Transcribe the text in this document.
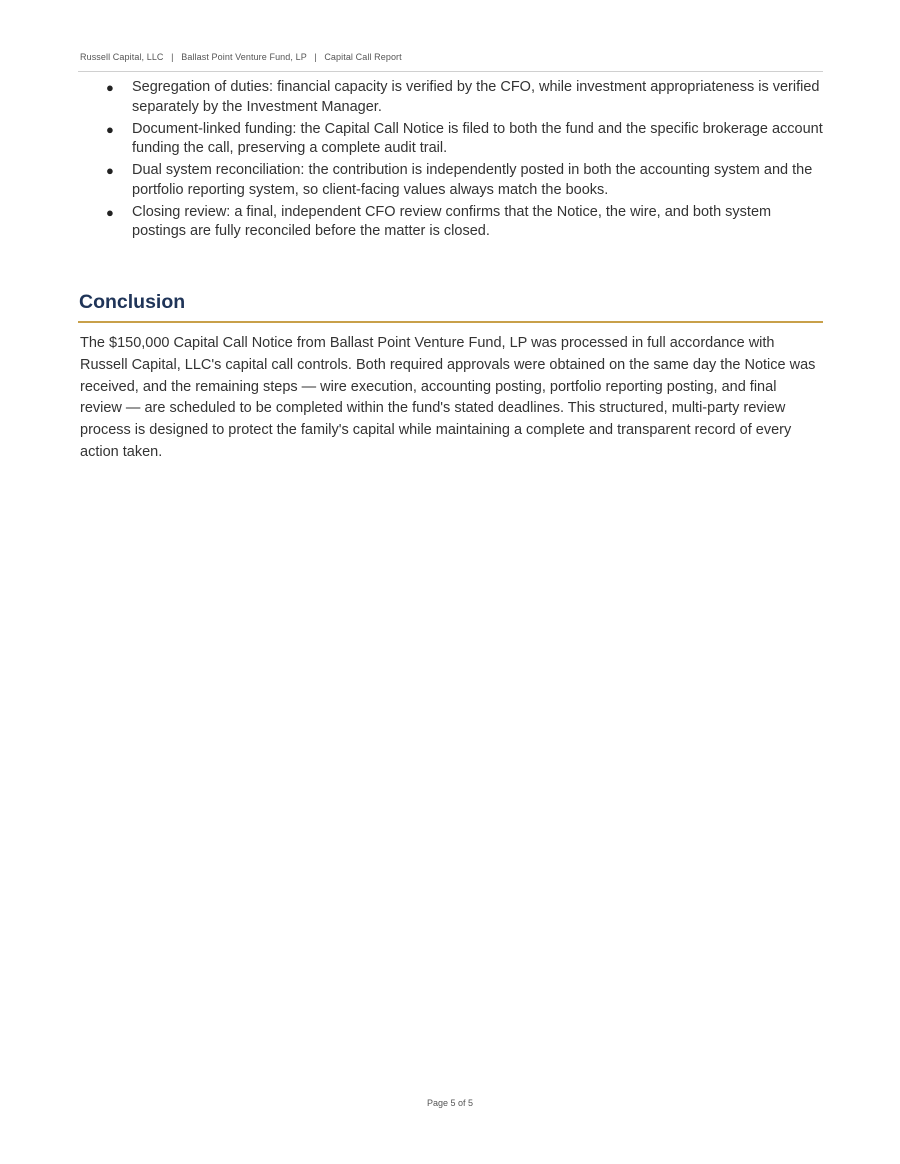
Russell Capital, LLC | Ballast Point Venture Fund, LP | Capital Call Report
● Segregation of duties: financial capacity is verified by the CFO, while investment appropriateness is verified separately by the Investment Manager.
● Document-linked funding: the Capital Call Notice is filed to both the fund and the specific brokerage account funding the call, preserving a complete audit trail.
● Dual system reconciliation: the contribution is independently posted in both the accounting system and the portfolio reporting system, so client-facing values always match the books.
● Closing review: a final, independent CFO review confirms that the Notice, the wire, and both system postings are fully reconciled before the matter is closed.
Conclusion

The $150,000 Capital Call Notice from Ballast Point Venture Fund, LP was processed in full accordance with Russell Capital, LLC's capital call controls. Both required approvals were obtained on the same day the Notice was received, and the remaining steps — wire execution, accounting posting, portfolio reporting posting, and final review — are scheduled to be completed within the fund's stated deadlines. This structured, multi-party review process is designed to protect the family's capital while maintaining a complete and transparent record of every action taken.

Page 5 of 5
